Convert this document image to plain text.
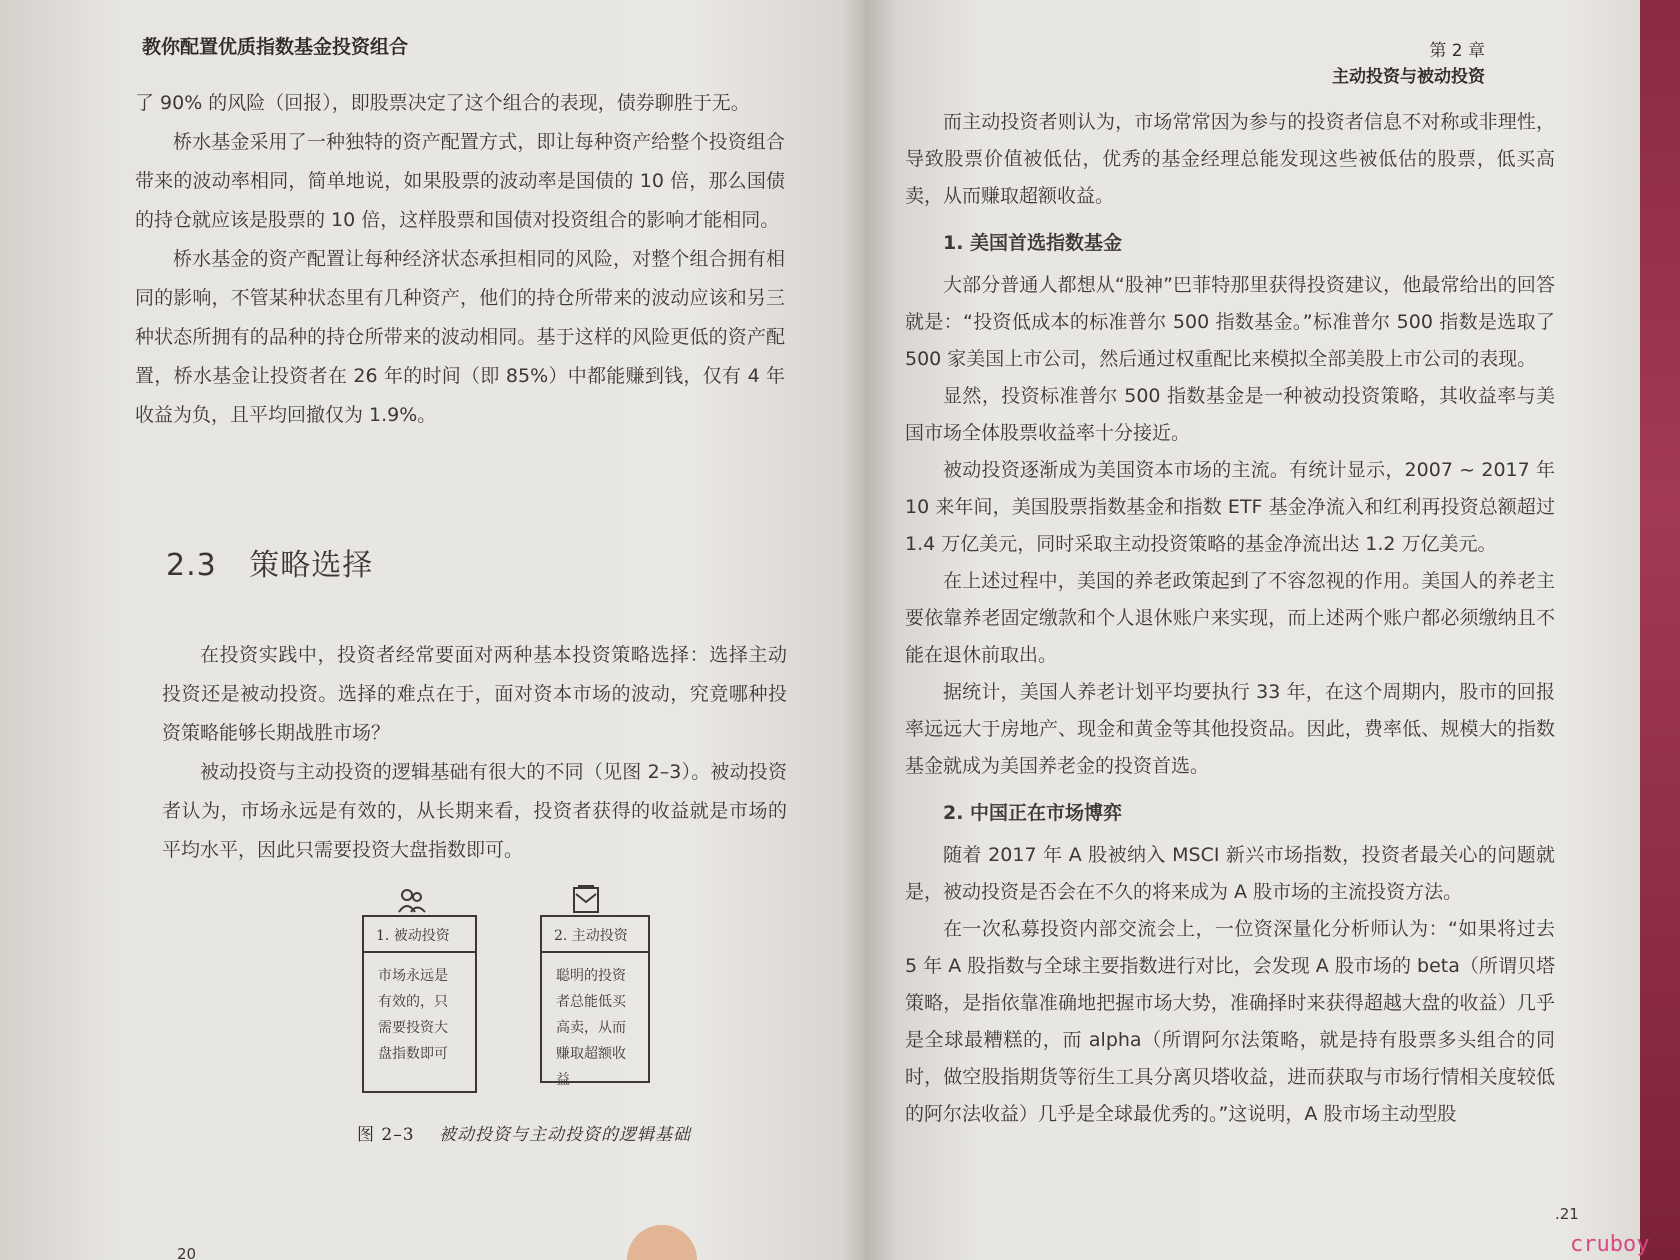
教你配置优质指数基金投资组合

了 90% 的风险（回报），即股票决定了这个组合的表现，债券聊胜于无。

桥水基金采用了一种独特的资产配置方式，即让每种资产给整个投资组合带来的波动率相同，简单地说，如果股票的波动率是国债的 10 倍，那么国债的持仓就应该是股票的 10 倍，这样股票和国债对投资组合的影响才能相同。

桥水基金的资产配置让每种经济状态承担相同的风险，对整个组合拥有相同的影响，不管某种状态里有几种资产，他们的持仓所带来的波动应该和另三种状态所拥有的品种的持仓所带来的波动相同。基于这样的风险更低的资产配置，桥水基金让投资者在 26 年的时间（即 85%）中都能赚到钱，仅有 4 年收益为负，且平均回撤仅为 1.9%。

2.3 策略选择

在投资实践中，投资者经常要面对两种基本投资策略选择：选择主动投资还是被动投资。选择的难点在于，面对资本市场的波动，究竟哪种投资策略能够长期战胜市场？

被动投资与主动投资的逻辑基础有很大的不同（见图 2–3）。被动投资者认为，市场永远是有效的，从长期来看，投资者获得的收益就是市场的平均水平，因此只需要投资大盘指数即可。

1. 被动投资
市场永远是有效的，只需要投资大盘指数即可
2. 主动投资
聪明的投资者总能低买高卖，从而赚取超额收益
图 2–3 被动投资与主动投资的逻辑基础
20
第 2 章
主动投资与被动投资

而主动投资者则认为，市场常常因为参与的投资者信息不对称或非理性，导致股票价值被低估，优秀的基金经理总能发现这些被低估的股票，低买高卖，从而赚取超额收益。

1. 美国首选指数基金

大部分普通人都想从“股神”巴菲特那里获得投资建议，他最常给出的回答就是：“投资低成本的标准普尔 500 指数基金。”标准普尔 500 指数是选取了 500 家美国上市公司，然后通过权重配比来模拟全部美股上市公司的表现。

显然，投资标准普尔 500 指数基金是一种被动投资策略，其收益率与美国市场全体股票收益率十分接近。

被动投资逐渐成为美国资本市场的主流。有统计显示，2007 ~ 2017 年 10 来年间，美国股票指数基金和指数 ETF 基金净流入和红利再投资总额超过 1.4 万亿美元，同时采取主动投资策略的基金净流出达 1.2 万亿美元。

在上述过程中，美国的养老政策起到了不容忽视的作用。美国人的养老主要依靠养老固定缴款和个人退休账户来实现，而上述两个账户都必须缴纳且不能在退休前取出。

据统计，美国人养老计划平均要执行 33 年，在这个周期内，股市的回报率远远大于房地产、现金和黄金等其他投资品。因此，费率低、规模大的指数基金就成为美国养老金的投资首选。

2. 中国正在市场博弈

随着 2017 年 A 股被纳入 MSCI 新兴市场指数，投资者最关心的问题就是，被动投资是否会在不久的将来成为 A 股市场的主流投资方法。

在一次私募投资内部交流会上，一位资深量化分析师认为：“如果将过去 5 年 A 股指数与全球主要指数进行对比，会发现 A 股市场的 beta（所谓贝塔策略，是指依靠准确地把握市场大势，准确择时来获得超越大盘的收益）几乎是全球最糟糕的，而 alpha（所谓阿尔法策略，就是持有股票多头组合的同时，做空股指期货等衍生工具分离贝塔收益，进而获取与市场行情相关度较低的阿尔法收益）几乎是全球最优秀的。”这说明，A 股市场主动型股

.21
cruboy
